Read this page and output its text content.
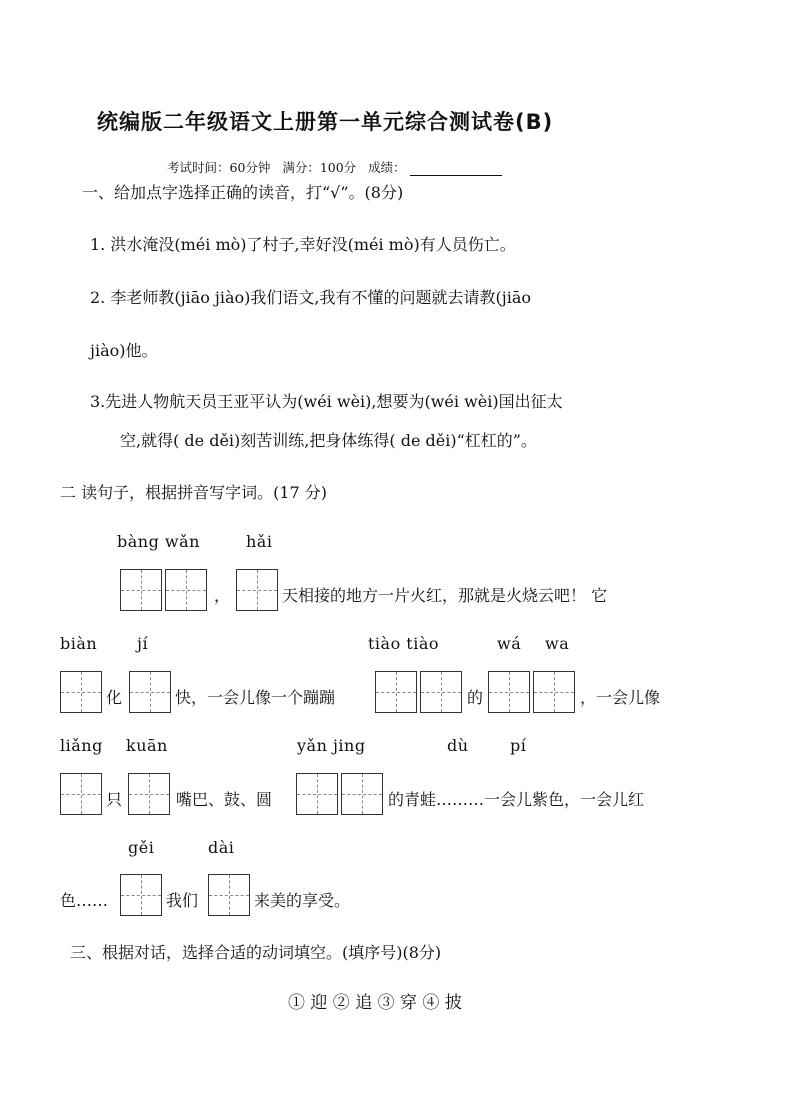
统编版二年级语文上册第一单元综合测试卷(B)
考试时间：60分钟 满分：100分 成绩：
一、给加点字选择正确的读音，打“√”。(8分)
1. 洪水淹没(méi mò)了村子,幸好没(méi mò)有人员伤亡。
2. 李老师教(jiāo jiào)我们语文,我有不懂的问题就去请教(jiāo
jiào)他。
3.先进人物航天员王亚平认为(wéi wèi),想要为(wéi wèi)国出征太
空,就得( de děi)刻苦训练,把身体练得( de děi)“杠杠的”。
二 读句子，根据拼音写字词。(17 分)
bàng wǎn	hǎi
，	天相接的地方一片火红，那就是火烧云吧！ 它
biàn jí	tiào tiào	wá wa
化	快，一会儿像一个蹦蹦	的	，一会儿像
liǎng kuān	yǎn jing	dù	pí
只	嘴巴、鼓、圆	的青蛙………一会儿紫色，一会儿红
gěi	dài
色……	我们	来美的享受。
三、根据对话，选择合适的动词填空。(填序号)(8分)
① 迎 ② 追 ③ 穿 ④ 披
